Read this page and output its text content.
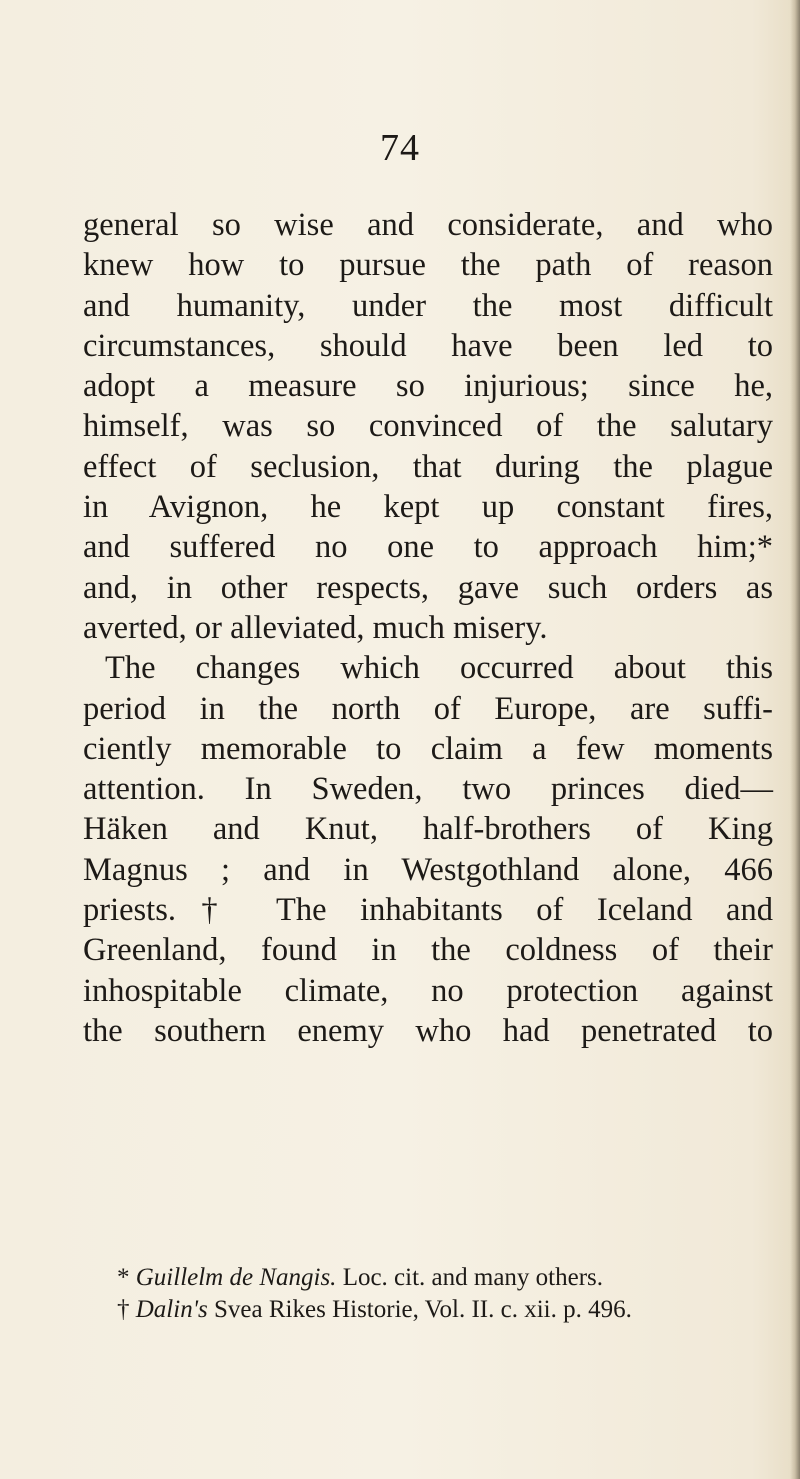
74
general so wise and considerate, and who
knew how to pursue the path of reason
and humanity, under the most difficult
circumstances, should have been led to
adopt a measure so injurious; since he,
himself, was so convinced of the salutary
effect of seclusion, that during the plague
in Avignon, he kept up constant fires,
and suffered no one to approach him;*
and, in other respects, gave such orders as
averted, or alleviated, much misery.
The changes which occurred about this
period in the north of Europe, are suffi-
ciently memorable to claim a few moments
attention. In Sweden, two princes died—
Häken and Knut, half-brothers of King
Magnus ; and in Westgothland alone, 466
priests.† The inhabitants of Iceland and
Greenland, found in the coldness of their
inhospitable climate, no protection against
the southern enemy who had penetrated to
* Guillelm de Nangis. Loc. cit. and many others.
† Dalin's Svea Rikes Historie, Vol. II. c. xii. p. 496.
